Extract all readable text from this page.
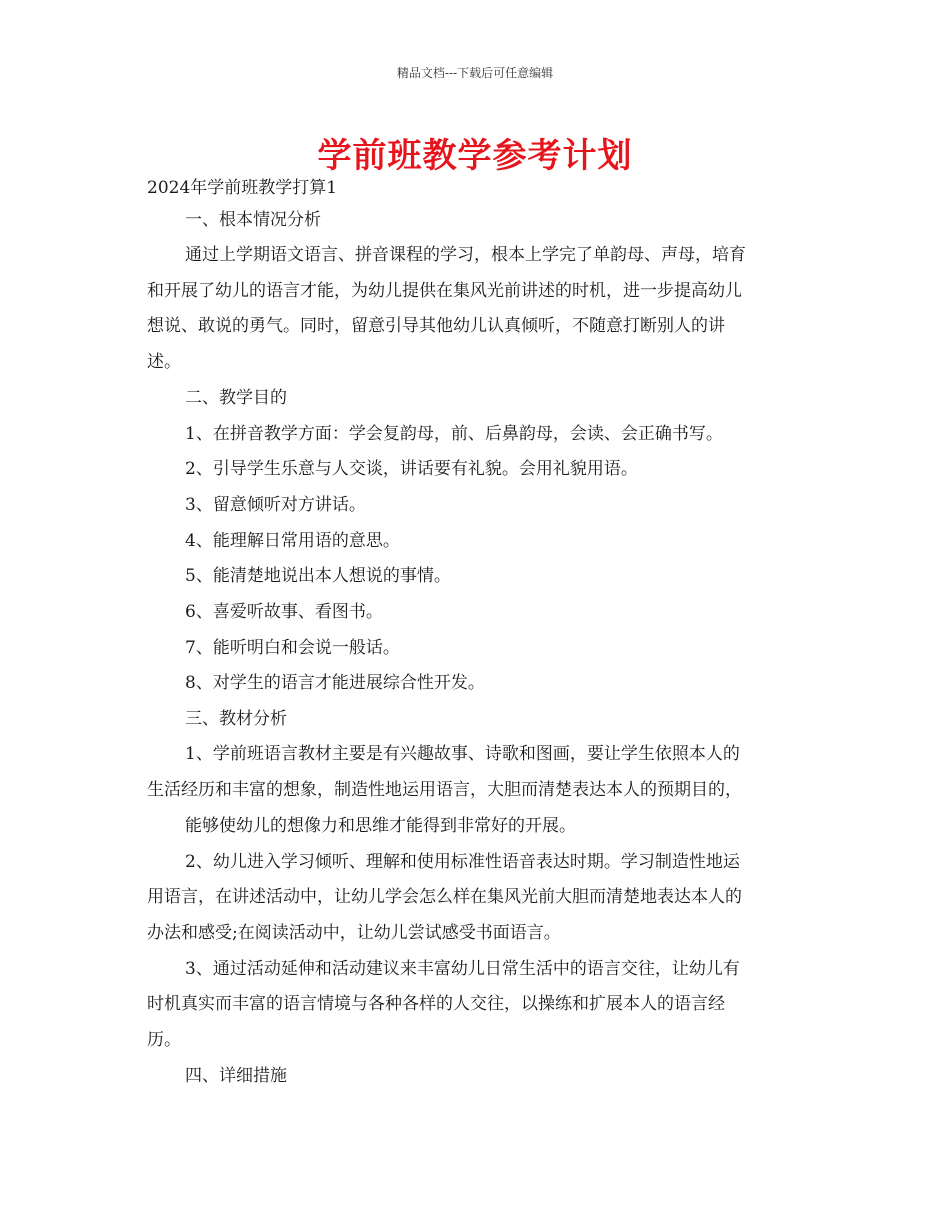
精品文档---下载后可任意编辑
学前班教学参考计划
2024年学前班教学打算1
一、根本情况分析
通过上学期语文语言、拼音课程的学习，根本上学完了单韵母、声母，培育
和开展了幼儿的语言才能，为幼儿提供在集风光前讲述的时机，进一步提高幼儿
想说、敢说的勇气。同时，留意引导其他幼儿认真倾听，不随意打断别人的讲
述。
二、教学目的
1、在拼音教学方面：学会复韵母，前、后鼻韵母，会读、会正确书写。
2、引导学生乐意与人交谈，讲话要有礼貌。会用礼貌用语。
3、留意倾听对方讲话。
4、能理解日常用语的意思。
5、能清楚地说出本人想说的事情。
6、喜爱听故事、看图书。
7、能听明白和会说一般话。
8、对学生的语言才能进展综合性开发。
三、教材分析
1、学前班语言教材主要是有兴趣故事、诗歌和图画，要让学生依照本人的
生活经历和丰富的想象，制造性地运用语言，大胆而清楚表达本人的预期目的，
能够使幼儿的想像力和思维才能得到非常好的开展。
2、幼儿进入学习倾听、理解和使用标准性语音表达时期。学习制造性地运
用语言，在讲述活动中，让幼儿学会怎么样在集风光前大胆而清楚地表达本人的
办法和感受;在阅读活动中，让幼儿尝试感受书面语言。
3、通过活动延伸和活动建议来丰富幼儿日常生活中的语言交往，让幼儿有
时机真实而丰富的语言情境与各种各样的人交往，以操练和扩展本人的语言经
历。
四、详细措施
